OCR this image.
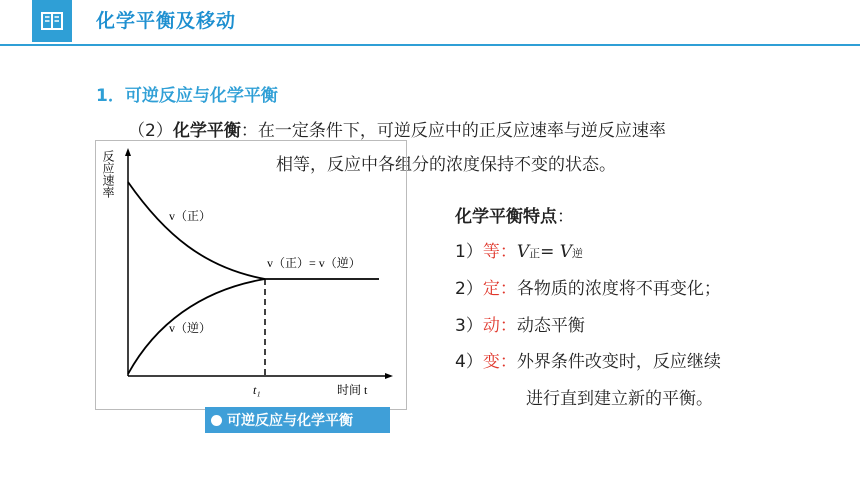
化学平衡及移动
1．可逆反应与化学平衡
（2）化学平衡：在一定条件下，可逆反应中的正反应速率与逆反应速率
相等，反应中各组分的浓度保持不变的状态。
反应速率
时间 t
t₁
v（正）
v（逆）
v（正）= v（逆）
可逆反应与化学平衡
化学平衡特点：
1）等：V正= V逆
2）定：各物质的浓度将不再变化；
3）动：动态平衡
4）变：外界条件改变时，反应继续
进行直到建立新的平衡。
